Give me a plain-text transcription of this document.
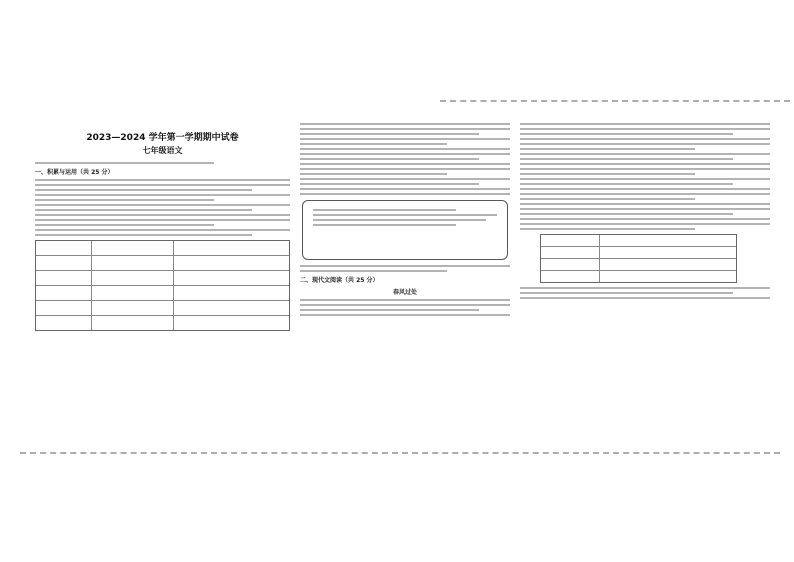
2023—2024 学年第一学期期中试卷
七年级语文
一、积累与运用（共 25 分）
二、现代文阅读（共 25 分）
春风过处
